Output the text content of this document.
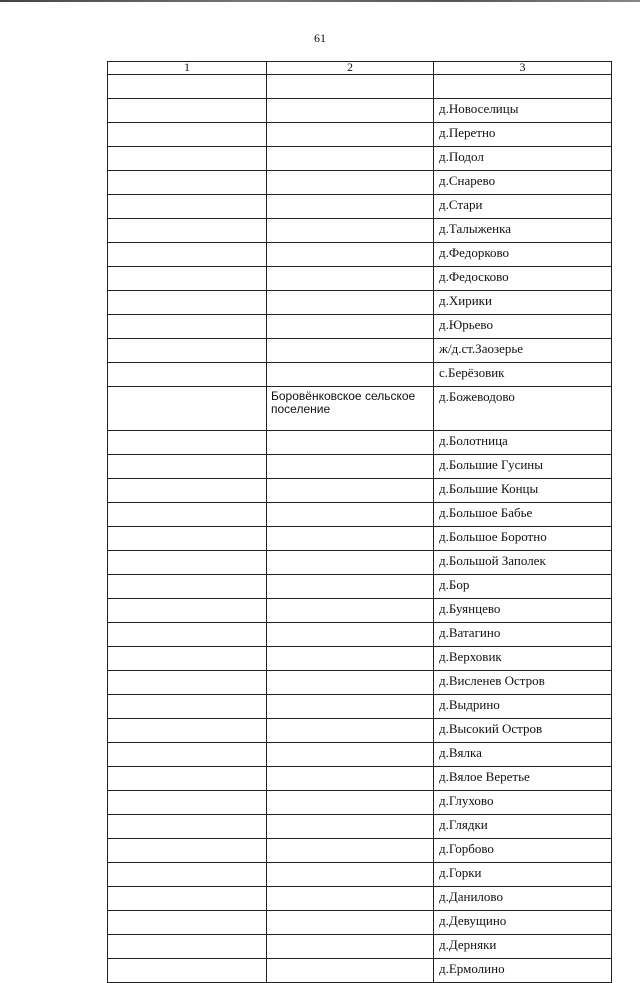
61
1	2	3

		д.Новоселицы
		д.Перетно
		д.Подол
		д.Снарево
		д.Стари
		д.Талыженка
		д.Федорково
		д.Федосково
		д.Хирики
		д.Юрьево
		ж/д.ст.Заозерье
		с.Берёзовик
	Боровёнковское сельское поселение	д.Божеводово
		д.Болотница
		д.Большие Гусины
		д.Большие Концы
		д.Большое Бабье
		д.Большое Боротно
		д.Большой Заполек
		д.Бор
		д.Буянцево
		д.Ватагино
		д.Верховик
		д.Висленев Остров
		д.Выдрино
		д.Высокий Остров
		д.Вялка
		д.Вялое Веретье
		д.Глухово
		д.Глядки
		д.Горбово
		д.Горки
		д.Данилово
		д.Девущино
		д.Дерняки
		д.Ермолино
